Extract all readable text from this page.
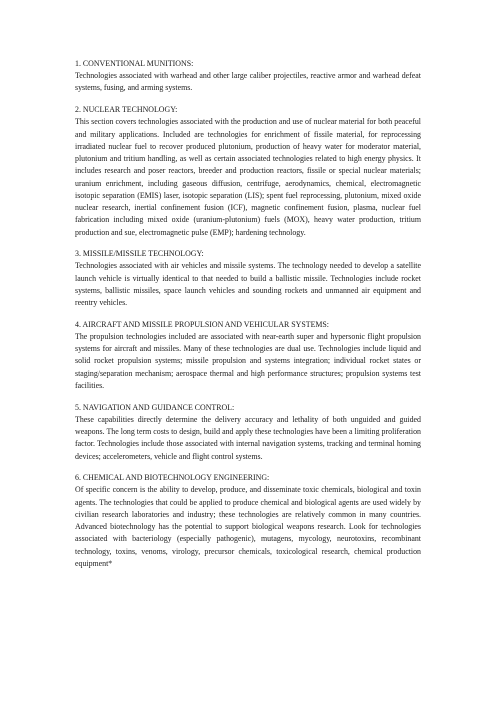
1. CONVENTIONAL MUNITIONS:

Technologies associated with warhead and other large caliber projectiles, reactive armor and warhead defeat systems, fusing, and arming systems.

2. NUCLEAR TECHNOLOGY:

This section covers technologies associated with the production and use of nuclear material for both peaceful and military applications. Included are technologies for enrichment of fissile material, for reprocessing irradiated nuclear fuel to recover produced plutonium, production of heavy water for moderator material, plutonium and tritium handling, as well as certain associated technologies related to high energy physics. It includes research and poser reactors, breeder and production reactors, fissile or special nuclear materials; uranium enrichment, including gaseous diffusion, centrifuge, aerodynamics, chemical, electromagnetic isotopic separation (EMIS) laser, isotopic separation (LIS); spent fuel reprocessing, plutonium, mixed oxide nuclear research, inertial confinement fusion (ICF), magnetic confinement fusion, plasma, nuclear fuel fabrication including mixed oxide (uranium-plutonium) fuels (MOX), heavy water production, tritium production and sue, electromagnetic pulse (EMP); hardening technology.

3. MISSILE/MISSILE TECHNOLOGY:

Technologies associated with air vehicles and missile systems. The technology needed to develop a satellite launch vehicle is virtually identical to that needed to build a ballistic missile. Technologies include rocket systems, ballistic missiles, space launch vehicles and sounding rockets and unmanned air equipment and reentry vehicles.

4. AIRCRAFT AND MISSILE PROPULSION AND VEHICULAR SYSTEMS:

The propulsion technologies included are associated with near-earth super and hypersonic flight propulsion systems for aircraft and missiles. Many of these technologies are dual use. Technologies include liquid and solid rocket propulsion systems; missile propulsion and systems integration; individual rocket states or staging/separation mechanism; aerospace thermal and high performance structures; propulsion systems test facilities.

5. NAVIGATION AND GUIDANCE CONTROL:

These capabilities directly determine the delivery accuracy and lethality of both unguided and guided weapons. The long term costs to design, build and apply these technologies have been a limiting proliferation factor. Technologies include those associated with internal navigation systems, tracking and terminal homing devices; accelerometers, vehicle and flight control systems.

6. CHEMICAL AND BIOTECHNOLOGY ENGINEERING:

Of specific concern is the ability to develop, produce, and disseminate toxic chemicals, biological and toxin agents. The technologies that could be applied to produce chemical and biological agents are used widely by civilian research laboratories and industry; these technologies are relatively common in many countries. Advanced biotechnology has the potential to support biological weapons research. Look for technologies associated with bacteriology (especially pathogenic), mutagens, mycology, neurotoxins, recombinant technology, toxins, venoms, virology, precursor chemicals, toxicological research, chemical production equipment*
